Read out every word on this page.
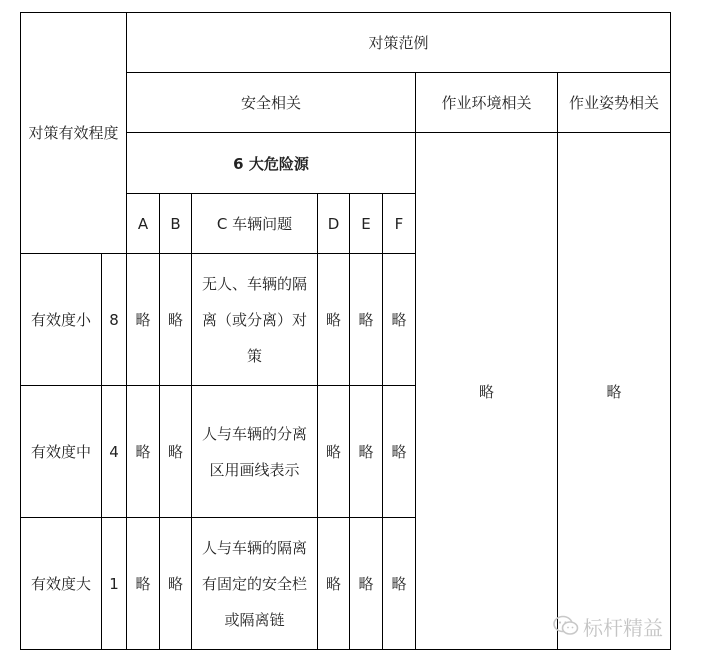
对策有效程度		对策范例							
		安全相关						作业环境相关	作业姿势相关
		6 大危险源						略	略
		A	B	C 车辆问题	D	E	F		
有效度小	8	略	略	无人、车辆的隔离（或分离）对策	略	略	略		
有效度中	4	略	略	人与车辆的分离区用画线表示	略	略	略		
有效度大	1	略	略	人与车辆的隔离有固定的安全栏或隔离链	略	略	略		
标杆精益
